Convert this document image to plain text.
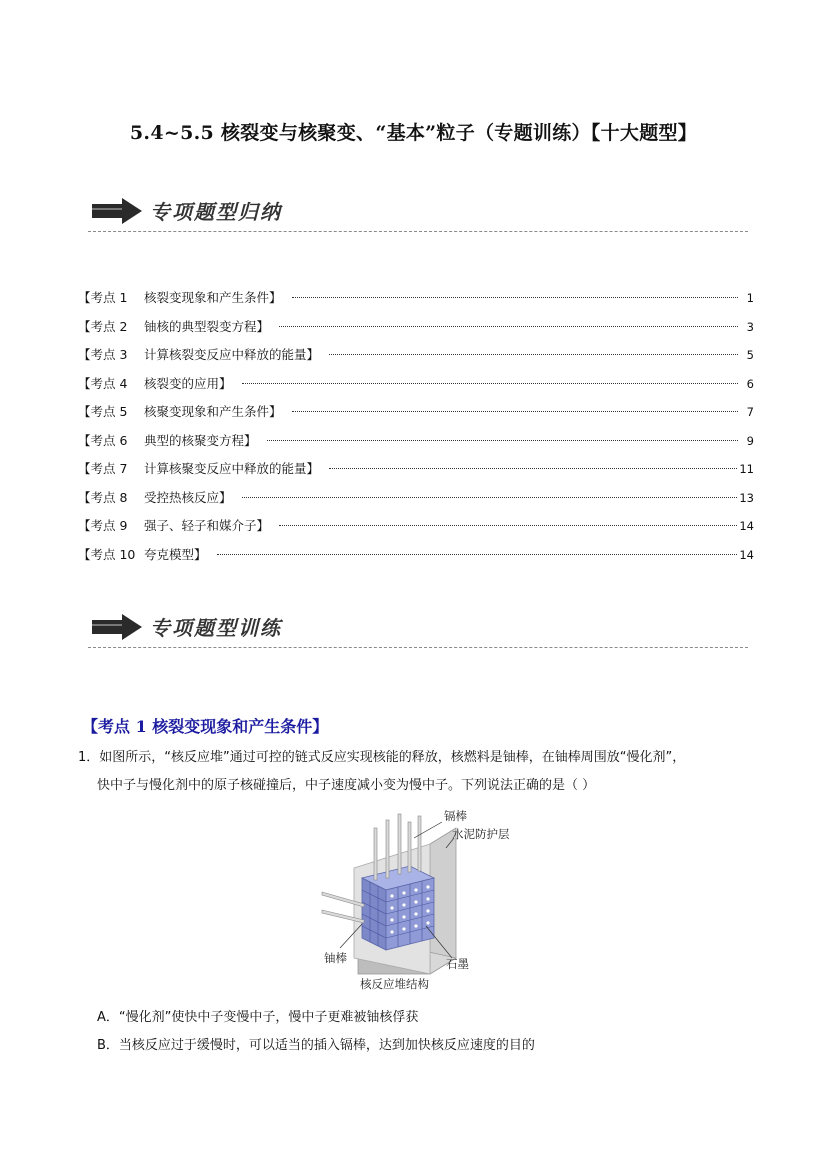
5.4~5.5 核裂变与核聚变、“基本”粒子（专题训练）【十大题型】
专项题型归纳
【考点 1 核裂变现象和产生条件】	1
【考点 2 铀核的典型裂变方程】	3
【考点 3 计算核裂变反应中释放的能量】	5
【考点 4 核裂变的应用】	6
【考点 5 核聚变现象和产生条件】	7
【考点 6 典型的核聚变方程】	9
【考点 7 计算核聚变反应中释放的能量】	11
【考点 8 受控热核反应】	13
【考点 9 强子、轻子和媒介子】	14
【考点 10 夸克模型】	14
专项题型训练
【考点 1 核裂变现象和产生条件】
1．如图所示，“核反应堆”通过可控的链式反应实现核能的释放，核燃料是铀棒，在铀棒周围放“慢化剂”，
快中子与慢化剂中的原子核碰撞后，中子速度减小变为慢中子。下列说法正确的是（ ）
镉棒
水泥防护层
铀棒	石墨
核反应堆结构
A．“慢化剂”使快中子变慢中子，慢中子更难被铀核俘获
B．当核反应过于缓慢时，可以适当的插入镉棒，达到加快核反应速度的目的
